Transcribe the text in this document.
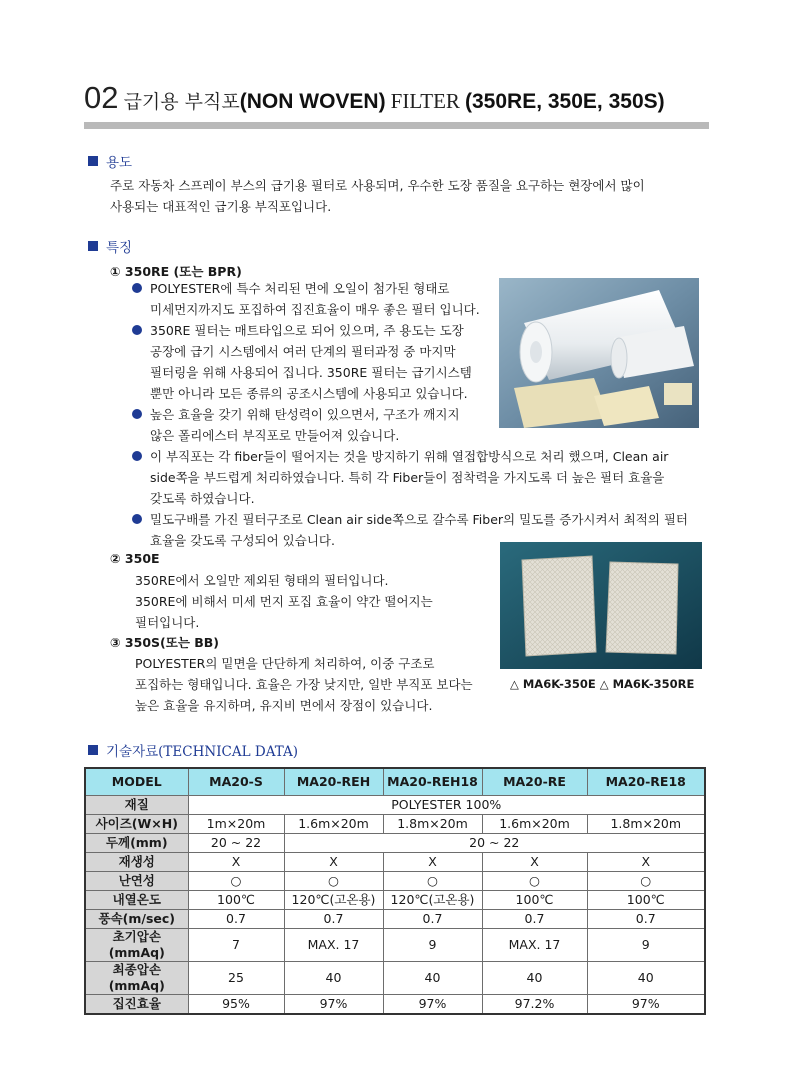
02 급기용 부직포(NON WOVEN) FILTER (350RE, 350E, 350S)
용도
주로 자동차 스프레이 부스의 급기용 필터로 사용되며, 우수한 도장 품질을 요구하는 현장에서 많이
사용되는 대표적인 급기용 부직포입니다.
특징
① 350RE (또는 BPR)
POLYESTER에 특수 처리된 면에 오일이 첨가된 형태로
미세먼지까지도 포집하여 집진효율이 매우 좋은 필터 입니다.
350RE 필터는 매트타입으로 되어 있으며, 주 용도는 도장
공장에 급기 시스템에서 여러 단계의 필터과정 중 마지막
필터링을 위해 사용되어 집니다. 350RE 필터는 급기시스템
뿐만 아니라 모든 종류의 공조시스템에 사용되고 있습니다.
높은 효율을 갖기 위해 탄성력이 있으면서, 구조가 깨지지
않은 폴리에스터 부직포로 만들어져 있습니다.
이 부직포는 각 fiber들이 떨어지는 것을 방지하기 위해 열접합방식으로 처리 했으며, Clean air
side쪽을 부드럽게 처리하였습니다. 특히 각 Fiber들이 점착력을 가지도록 더 높은 필터 효율을
갖도록 하였습니다.
밀도구배를 가진 필터구조로 Clean air side쪽으로 갈수록 Fiber의 밀도를 증가시켜서 최적의 필터
효율을 갖도록 구성되어 있습니다.
② 350E
350RE에서 오일만 제외된 형태의 필터입니다.
350RE에 비해서 미세 먼지 포집 효율이 약간 떨어지는
필터입니다.
③ 350S(또는 BB)
POLYESTER의 밑면을 단단하게 처리하여, 이중 구조로
포집하는 형태입니다. 효율은 가장 낮지만, 일반 부직포 보다는
높은 효율을 유지하며, 유지비 면에서 장점이 있습니다.
△ MA6K-350E △ MA6K-350RE
기술자료(TECHNICAL DATA)
MODEL	MA20-S	MA20-REH	MA20-REH18	MA20-RE	MA20-RE18
재질	POLYESTER 100%				
사이즈(W×H)	1m×20m	1.6m×20m	1.8m×20m	1.6m×20m	1.8m×20m
두께(mm)	20 ~ 22	20 ~ 22			
재생성	X	X	X	X	X
난연성	○	○	○	○	○
내열온도	100℃	120℃(고온용)	120℃(고온용)	100℃	100℃
풍속(m/sec)	0.7	0.7	0.7	0.7	0.7

초기압손
(mmAq)	7	MAX. 17	9	MAX. 17	9

최종압손
(mmAq)	25	40	40	40	40
집진효율	95%	97%	97%	97.2%	97%
